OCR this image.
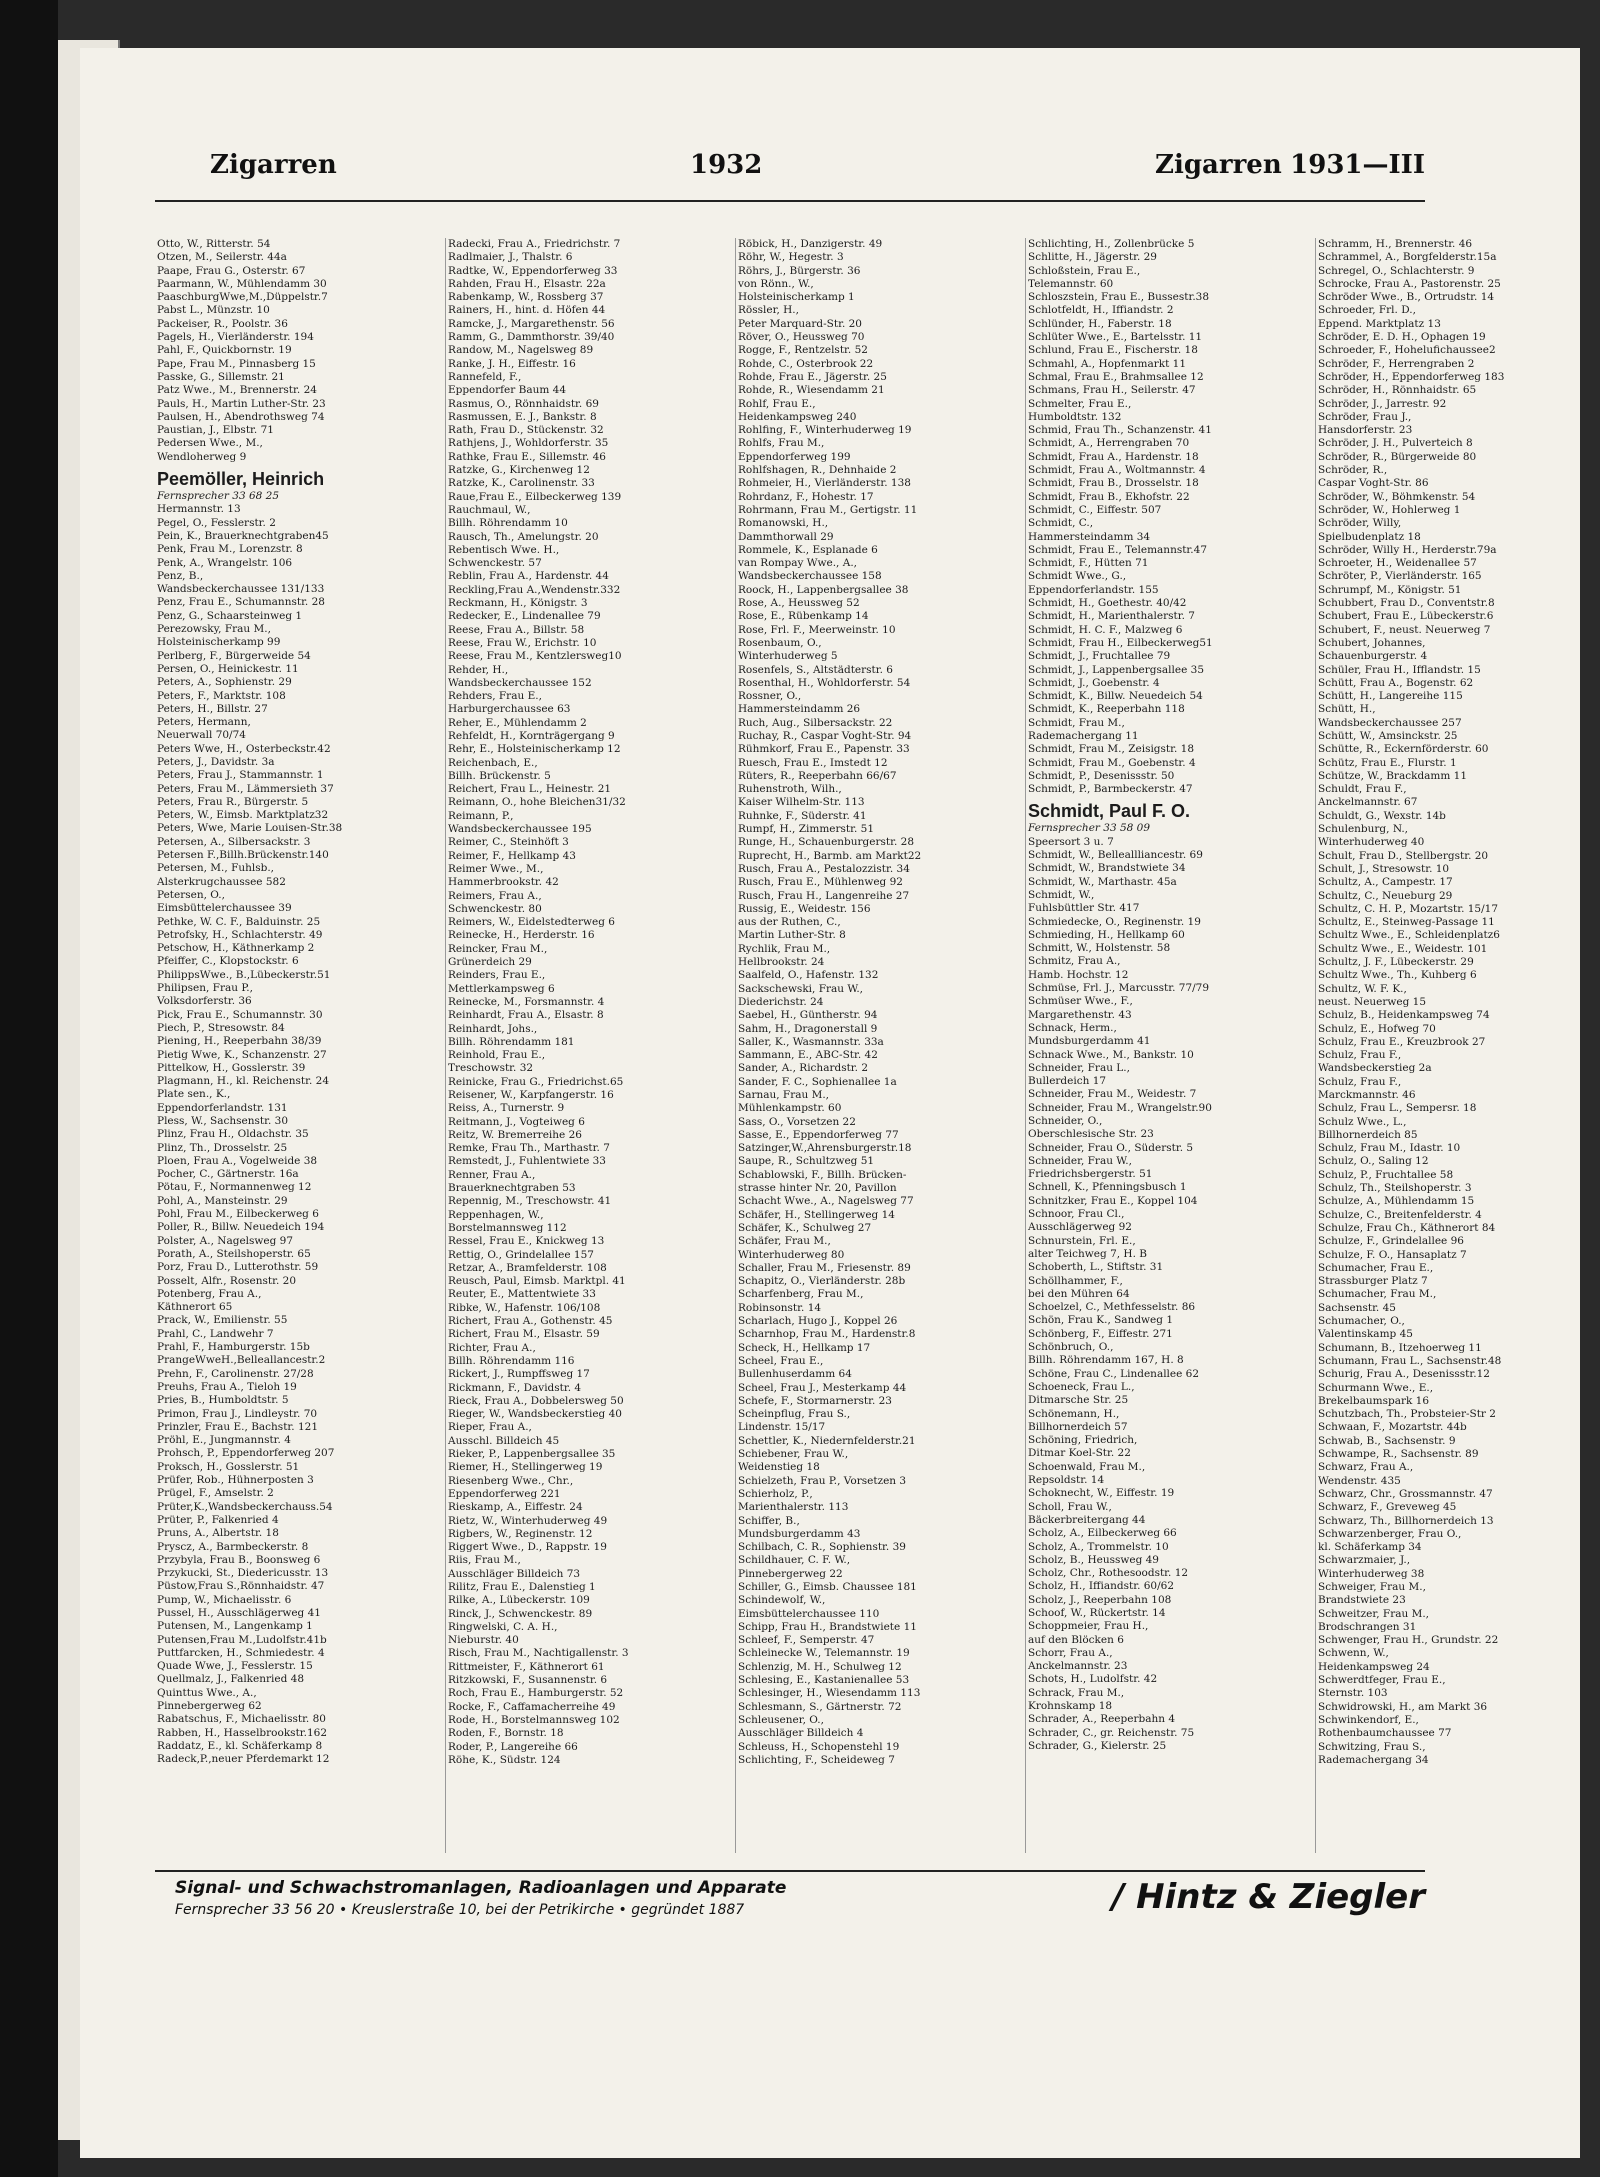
Zigarren	1932	Zigarren 1931—III
Otto, W., Ritterstr. 54
Otzen, M., Seilerstr. 44a
Paape, Frau G., Osterstr. 67
Paarmann, W., Mühlendamm 30
PaaschburgWwe,M.,Düppelstr.7
Pabst L., Münzstr. 10
Packeiser, R., Poolstr. 36
Pagels, H., Vierländerstr. 194
Pahl, F., Quickbornstr. 19
Pape, Frau M., Pinnasberg 15
Passke, G., Sillemstr. 21
Patz Wwe., M., Brennerstr. 24
Pauls, H., Martin Luther-Str. 23
Paulsen, H., Abendrothsweg 74
Paustian, J., Elbstr. 71
Pedersen Wwe., M.,
Wendloherweg 9
Peemöller, Heinrich
Fernsprecher 33 68 25
Hermannstr. 13
Pegel, O., Fesslerstr. 2
Pein, K., Brauerknechtgraben45
Penk, Frau M., Lorenzstr. 8
Penk, A., Wrangelstr. 106
Penz, B.,
Wandsbeckerchaussee 131/133
Penz, Frau E., Schumannstr. 28
Penz, G., Schaarsteinweg 1
Perezowsky, Frau M.,
Holsteinischerkamp 99
Perlberg, F., Bürgerweide 54
Persen, O., Heinickestr. 11
Peters, A., Sophienstr. 29
Peters, F., Marktstr. 108
Peters, H., Billstr. 27
Peters, Hermann,
Neuerwall 70/74
Peters Wwe, H., Osterbeckstr.42
Peters, J., Davidstr. 3a
Peters, Frau J., Stammannstr. 1
Peters, Frau M., Lämmersieth 37
Peters, Frau R., Bürgerstr. 5
Peters, W., Eimsb. Marktplatz32
Peters, Wwe, Marie Louisen-Str.38
Petersen, A., Silbersackstr. 3
Petersen F.,Billh.Brückenstr.140
Petersen, M., Fuhlsb.,
Alsterkrugchaussee 582
Petersen, O.,
Eimsbüttelerchaussee 39
Pethke, W. C. F., Balduinstr. 25
Petrofsky, H., Schlachterstr. 49
Petschow, H., Käthnerkamp 2
Pfeiffer, C., Klopstockstr. 6
PhilippsWwe., B.,Lübeckerstr.51
Philipsen, Frau P.,
Volksdorferstr. 36
Pick, Frau E., Schumannstr. 30
Piech, P., Stresowstr. 84
Piening, H., Reeperbahn 38/39
Pietig Wwe, K., Schanzenstr. 27
Pittelkow, H., Gosslerstr. 39
Plagmann, H., kl. Reichenstr. 24
Plate sen., K.,
Eppendorferlandstr. 131
Pless, W., Sachsenstr. 30
Plinz, Frau H., Oldachstr. 35
Plinz, Th., Drosselstr. 25
Ploen, Frau A., Vogelweide 38
Pocher, C., Gärtnerstr. 16a
Pötau, F., Normannenweg 12
Pohl, A., Mansteinstr. 29
Pohl, Frau M., Eilbeckerweg 6
Poller, R., Billw. Neuedeich 194
Polster, A., Nagelsweg 97
Porath, A., Steilshoperstr. 65
Porz, Frau D., Lutterothstr. 59
Posselt, Alfr., Rosenstr. 20
Potenberg, Frau A.,
Käthnerort 65
Prack, W., Emilienstr. 55
Prahl, C., Landwehr 7
Prahl, F., Hamburgerstr. 15b
PrangeWweH.,Belleallancestr.2
Prehn, F., Carolinenstr. 27/28
Preuhs, Frau A., Tieloh 19
Pries, B., Humboldtstr. 5
Primon, Frau J., Lindleystr. 70
Prinzler, Frau E., Bachstr. 121
Pröhl, E., Jungmannstr. 4
Prohsch, P., Eppendorferweg 207
Proksch, H., Gosslerstr. 51
Prüfer, Rob., Hühnerposten 3
Prügel, F., Amselstr. 2
Prüter,K.,Wandsbeckerchauss.54
Prüter, P., Falkenried 4
Pruns, A., Albertstr. 18
Pryscz, A., Barmbeckerstr. 8
Przybyla, Frau B., Boonsweg 6
Przykucki, St., Diedericusstr. 13
Püstow,Frau S.,Rönnhaidstr. 47
Pump, W., Michaelisstr. 6
Pussel, H., Ausschlägerweg 41
Putensen, M., Langenkamp 1
Putensen,Frau M.,Ludolfstr.41b
Puttfarcken, H., Schmiedestr. 4
Quade Wwe, J., Fesslerstr. 15
Quellmalz, J., Falkenried 48
Quinttus Wwe., A.,
Pinnebergerweg 62
Rabatschus, F., Michaelisstr. 80
Rabben, H., Hasselbrookstr.162
Raddatz, E., kl. Schäferkamp 8
Radeck,P.,neuer Pferdemarkt 12
Radecki, Frau A., Friedrichstr. 7
Radlmaier, J., Thalstr. 6
Radtke, W., Eppendorferweg 33
Rahden, Frau H., Elsastr. 22a
Rabenkamp, W., Rossberg 37
Rainers, H., hint. d. Höfen 44
Ramcke, J., Margarethenstr. 56
Ramm, G., Dammthorstr. 39/40
Randow, M., Nagelsweg 89
Ranke, J. H., Eiffestr. 16
Rannefeld, F.,
Eppendorfer Baum 44
Rasmus, O., Rönnhaidstr. 69
Rasmussen, E. J., Bankstr. 8
Rath, Frau D., Stückenstr. 32
Rathjens, J., Wohldorferstr. 35
Rathke, Frau E., Sillemstr. 46
Ratzke, G., Kirchenweg 12
Ratzke, K., Carolinenstr. 33
Raue,Frau E., Eilbeckerweg 139
Rauchmaul, W.,
Billh. Röhrendamm 10
Rausch, Th., Amelungstr. 20
Rebentisch Wwe. H.,
Schwenckestr. 57
Reblin, Frau A., Hardenstr. 44
Reckling,Frau A.,Wendenstr.332
Reckmann, H., Königstr. 3
Redecker, E., Lindenallee 79
Reese, Frau A., Billstr. 58
Reese, Frau W., Erichstr. 10
Reese, Frau M., Kentzlersweg10
Rehder, H.,
Wandsbeckerchaussee 152
Rehders, Frau E.,
Harburgerchaussee 63
Reher, E., Mühlendamm 2
Rehfeldt, H., Kornträgergang 9
Rehr, E., Holsteinischerkamp 12
Reichenbach, E.,
Billh. Brückenstr. 5
Reichert, Frau L., Heinestr. 21
Reimann, O., hohe Bleichen31/32
Reimann, P.,
Wandsbeckerchaussee 195
Reimer, C., Steinhöft 3
Reimer, F., Hellkamp 43
Reimer Wwe., M.,
Hammerbrookstr. 42
Reimers, Frau A.,
Schwenckestr. 80
Reimers, W., Eidelstedterweg 6
Reinecke, H., Herderstr. 16
Reincker, Frau M.,
Grünerdeich 29
Reinders, Frau E.,
Mettlerkampsweg 6
Reinecke, M., Forsmannstr. 4
Reinhardt, Frau A., Elsastr. 8
Reinhardt, Johs.,
Billh. Röhrendamm 181
Reinhold, Frau E.,
Treschowstr. 32
Reinicke, Frau G., Friedrichst.65
Reisener, W., Karpfangerstr. 16
Reiss, A., Turnerstr. 9
Reitmann, J., Vogteiweg 6
Reitz, W. Bremerreihe 26
Remke, Frau Th., Marthastr. 7
Remstedt, J., Fuhlentwiete 33
Renner, Frau A.,
Brauerknechtgraben 53
Repennig, M., Treschowstr. 41
Reppenhagen, W.,
Borstelmannsweg 112
Ressel, Frau E., Knickweg 13
Rettig, O., Grindelallee 157
Retzar, A., Bramfelderstr. 108
Reusch, Paul, Eimsb. Marktpl. 41
Reuter, E., Mattentwiete 33
Ribke, W., Hafenstr. 106/108
Richert, Frau A., Gothenstr. 45
Richert, Frau M., Elsastr. 59
Richter, Frau A.,
Billh. Röhrendamm 116
Rickert, J., Rumpffsweg 17
Rickmann, F., Davidstr. 4
Rieck, Frau A., Dobbelersweg 50
Rieger, W., Wandsbeckerstieg 40
Rieper, Frau A.,
Ausschl. Billdeich 45
Rieker, P., Lappenbergsallee 35
Riemer, H., Stellingerweg 19
Riesenberg Wwe., Chr.,
Eppendorferweg 221
Rieskamp, A., Eiffestr. 24
Rietz, W., Winterhuderweg 49
Rigbers, W., Reginenstr. 12
Riggert Wwe., D., Rappstr. 19
Riis, Frau M.,
Ausschläger Billdeich 73
Rilitz, Frau E., Dalenstieg 1
Rilke, A., Lübeckerstr. 109
Rinck, J., Schwenckestr. 89
Ringwelski, C. A. H.,
Nieburstr. 40
Risch, Frau M., Nachtigallenstr. 3
Rittmeister, F., Käthnerort 61
Ritzkowski, F., Susannenstr. 6
Roch, Frau E., Hamburgerstr. 52
Rocke, F., Caffamacherreihe 49
Rode, H., Borstelmannsweg 102
Roden, F., Bornstr. 18
Roder, P., Langereihe 66
Röhe, K., Südstr. 124
Röbick, H., Danzigerstr. 49
Röhr, W., Hegestr. 3
Röhrs, J., Bürgerstr. 36
von Rönn., W.,
Holsteinischerkamp 1
Rössler, H.,
Peter Marquard-Str. 20
Röver, O., Heussweg 70
Rogge, F., Rentzelstr. 52
Rohde, C., Osterbrook 22
Rohde, Frau E., Jägerstr. 25
Rohde, R., Wiesendamm 21
Rohlf, Frau E.,
Heidenkampsweg 240
Rohlfing, F., Winterhuderweg 19
Rohlfs, Frau M.,
Eppendorferweg 199
Rohlfshagen, R., Dehnhaide 2
Rohmeier, H., Vierländerstr. 138
Rohrdanz, F., Hohestr. 17
Rohrmann, Frau M., Gertigstr. 11
Romanowski, H.,
Dammthorwall 29
Rommele, K., Esplanade 6
van Rompay Wwe., A.,
Wandsbeckerchaussee 158
Roock, H., Lappenbergsallee 38
Rose, A., Heussweg 52
Rose, E., Rübenkamp 14
Rose, Frl. F., Meerweinstr. 10
Rosenbaum, O.,
Winterhuderweg 5
Rosenfels, S., Altstädterstr. 6
Rosenthal, H., Wohldorferstr. 54
Rossner, O.,
Hammersteindamm 26
Ruch, Aug., Silbersackstr. 22
Ruchay, R., Caspar Voght-Str. 94
Rühmkorf, Frau E., Papenstr. 33
Ruesch, Frau E., Imstedt 12
Rüters, R., Reeperbahn 66/67
Ruhenstroth, Wilh.,
Kaiser Wilhelm-Str. 113
Ruhnke, F., Süderstr. 41
Rumpf, H., Zimmerstr. 51
Runge, H., Schauenburgerstr. 28
Ruprecht, H., Barmb. am Markt22
Rusch, Frau A., Pestalozzistr. 34
Rusch, Frau E., Mühlenweg 92
Rusch, Frau H., Langenreihe 27
Russig, E., Weidestr. 156
aus der Ruthen, C.,
Martin Luther-Str. 8
Rychlik, Frau M.,
Hellbrookstr. 24
Saalfeld, O., Hafenstr. 132
Sackschewski, Frau W.,
Diederichstr. 24
Saebel, H., Güntherstr. 94
Sahm, H., Dragonerstall 9
Saller, K., Wasmannstr. 33a
Sammann, E., ABC-Str. 42
Sander, A., Richardstr. 2
Sander, F. C., Sophienallee 1a
Sarnau, Frau M.,
Mühlenkampstr. 60
Sass, O., Vorsetzen 22
Sasse, E., Eppendorferweg 77
Satzinger,W.,Ahrensburgerstr.18
Saupe, R., Schultzweg 51
Schablowski, F., Billh. Brücken-
strasse hinter Nr. 20, Pavillon
Schacht Wwe., A., Nagelsweg 77
Schäfer, H., Stellingerweg 14
Schäfer, K., Schulweg 27
Schäfer, Frau M.,
Winterhuderweg 80
Schaller, Frau M., Friesenstr. 89
Schapitz, O., Vierländerstr. 28b
Scharfenberg, Frau M.,
Robinsonstr. 14
Scharlach, Hugo J., Koppel 26
Scharnhop, Frau M., Hardenstr.8
Scheck, H., Hellkamp 17
Scheel, Frau E.,
Bullenhuserdamm 64
Scheel, Frau J., Mesterkamp 44
Schefe, F., Stormarnerstr. 23
Scheinpflug, Frau S.,
Lindenstr. 15/17
Schettler, K., Niedernfelderstr.21
Schiebener, Frau W.,
Weidenstieg 18
Schielzeth, Frau P., Vorsetzen 3
Schierholz, P.,
Marienthalerstr. 113
Schiffer, B.,
Mundsburgerdamm 43
Schilbach, C. R., Sophienstr. 39
Schildhauer, C. F. W.,
Pinnebergerweg 22
Schiller, G., Eimsb. Chaussee 181
Schindewolf, W.,
Eimsbüttelerchaussee 110
Schipp, Frau H., Brandstwiete 11
Schleef, F., Semperstr. 47
Schleinecke W., Telemannstr. 19
Schlenzig, M. H., Schulweg 12
Schlesing, E., Kastanienallee 53
Schlesinger, H., Wiesendamm 113
Schlesmann, S., Gärtnerstr. 72
Schleusener, O.,
Ausschläger Billdeich 4
Schleuss, H., Schopenstehl 19
Schlichting, F., Scheideweg 7
Schlichting, H., Zollenbrücke 5
Schlitte, H., Jägerstr. 29
Schloßstein, Frau E.,
Telemannstr. 60
Schloszstein, Frau E., Bussestr.38
Schlotfeldt, H., Iffiandstr. 2
Schlünder, H., Faberstr. 18
Schlüter Wwe., E., Bartelsstr. 11
Schlund, Frau E., Fischerstr. 18
Schmahl, A., Hopfenmarkt 11
Schmal, Frau E., Brahmsallee 12
Schmans, Frau H., Seilerstr. 47
Schmelter, Frau E.,
Humboldtstr. 132
Schmid, Frau Th., Schanzenstr. 41
Schmidt, A., Herrengraben 70
Schmidt, Frau A., Hardenstr. 18
Schmidt, Frau A., Woltmannstr. 4
Schmidt, Frau B., Drosselstr. 18
Schmidt, Frau B., Ekhofstr. 22
Schmidt, C., Eiffestr. 507
Schmidt, C.,
Hammersteindamm 34
Schmidt, Frau E., Telemannstr.47
Schmidt, F., Hütten 71
Schmidt Wwe., G.,
Eppendorferlandstr. 155
Schmidt, H., Goethestr. 40/42
Schmidt, H., Marienthalerstr. 7
Schmidt, H. C. F., Malzweg 6
Schmidt, Frau H., Eilbeckerweg51
Schmidt, J., Fruchtallee 79
Schmidt, J., Lappenbergsallee 35
Schmidt, J., Goebenstr. 4
Schmidt, K., Billw. Neuedeich 54
Schmidt, K., Reeperbahn 118
Schmidt, Frau M.,
Rademachergang 11
Schmidt, Frau M., Zeisigstr. 18
Schmidt, Frau M., Goebenstr. 4
Schmidt, P., Desenissstr. 50
Schmidt, P., Barmbeckerstr. 47
Schmidt, Paul F. O.
Fernsprecher 33 58 09
Speersort 3 u. 7
Schmidt, W., Belleallliancestr. 69
Schmidt, W., Brandstwiete 34
Schmidt, W., Marthastr. 45a
Schmidt, W.,
Fuhlsbüttler Str. 417
Schmiedecke, O., Reginenstr. 19
Schmieding, H., Hellkamp 60
Schmitt, W., Holstenstr. 58
Schmitz, Frau A.,
Hamb. Hochstr. 12
Schmüse, Frl. J., Marcusstr. 77/79
Schmüser Wwe., F.,
Margarethenstr. 43
Schnack, Herm.,
Mundsburgerdamm 41
Schnack Wwe., M., Bankstr. 10
Schneider, Frau L.,
Bullerdeich 17
Schneider, Frau M., Weidestr. 7
Schneider, Frau M., Wrangelstr.90
Schneider, O.,
Oberschlesische Str. 23
Schneider, Frau O., Süderstr. 5
Schneider, Frau W.,
Friedrichsbergerstr. 51
Schnell, K., Pfenningsbusch 1
Schnitzker, Frau E., Koppel 104
Schnoor, Frau Cl.,
Ausschlägerweg 92
Schnurstein, Frl. E.,
alter Teichweg 7, H. B
Schoberth, L., Stiftstr. 31
Schöllhammer, F.,
bei den Mühren 64
Schoelzel, C., Methfesselstr. 86
Schön, Frau K., Sandweg 1
Schönberg, F., Eiffestr. 271
Schönbruch, O.,
Billh. Röhrendamm 167, H. 8
Schöne, Frau C., Lindenallee 62
Schoeneck, Frau L.,
Ditmarsche Str. 25
Schönemann, H.,
Billhornerdeich 57
Schöning, Friedrich,
Ditmar Koel-Str. 22
Schoenwald, Frau M.,
Repsoldstr. 14
Schoknecht, W., Eiffestr. 19
Scholl, Frau W.,
Bäckerbreitergang 44
Scholz, A., Eilbeckerweg 66
Scholz, A., Trommelstr. 10
Scholz, B., Heussweg 49
Scholz, Chr., Rothesoodstr. 12
Scholz, H., Iffiandstr. 60/62
Scholz, J., Reeperbahn 108
Schoof, W., Rückertstr. 14
Schoppmeier, Frau H.,
auf den Blöcken 6
Schorr, Frau A.,
Anckelmannstr. 23
Schots, H., Ludolfstr. 42
Schrack, Frau M.,
Krohnskamp 18
Schrader, A., Reeperbahn 4
Schrader, C., gr. Reichenstr. 75
Schrader, G., Kielerstr. 25
Schramm, H., Brennerstr. 46
Schrammel, A., Borgfelderstr.15a
Schregel, O., Schlachterstr. 9
Schrocke, Frau A., Pastorenstr. 25
Schröder Wwe., B., Ortrudstr. 14
Schroeder, Frl. D.,
Eppend. Marktplatz 13
Schröder, E. D. H., Ophagen 19
Schroeder, F., Hohelufichaussee2
Schröder, F., Herrengraben 2
Schröder, H., Eppendorferweg 183
Schröder, H., Rönnhaidstr. 65
Schröder, J., Jarrestr. 92
Schröder, Frau J.,
Hansdorferstr. 23
Schröder, J. H., Pulverteich 8
Schröder, R., Bürgerweide 80
Schröder, R.,
Caspar Voght-Str. 86
Schröder, W., Böhmkenstr. 54
Schröder, W., Hohlerweg 1
Schröder, Willy,
Spielbudenplatz 18
Schröder, Willy H., Herderstr.79a
Schroeter, H., Weidenallee 57
Schröter, P., Vierländerstr. 165
Schrumpf, M., Königstr. 51
Schubbert, Frau D., Conventstr.8
Schubert, Frau E., Lübeckerstr.6
Schubert, F., neust. Neuerweg 7
Schubert, Johannes,
Schauenburgerstr. 4
Schüler, Frau H., Ifflandstr. 15
Schütt, Frau A., Bogenstr. 62
Schütt, H., Langereihe 115
Schütt, H.,
Wandsbeckerchaussee 257
Schütt, W., Amsinckstr. 25
Schütte, R., Eckernförderstr. 60
Schütz, Frau E., Flurstr. 1
Schütze, W., Brackdamm 11
Schuldt, Frau F.,
Anckelmannstr. 67
Schuldt, G., Wexstr. 14b
Schulenburg, N.,
Winterhuderweg 40
Schult, Frau D., Stellbergstr. 20
Schult, J., Stresowstr. 10
Schultz, A., Campestr. 17
Schultz, C., Neueburg 29
Schultz, C. H. P., Mozartstr. 15/17
Schultz, E., Steinweg-Passage 11
Schultz Wwe., E., Schleidenplatz6
Schultz Wwe., E., Weidestr. 101
Schultz, J. F., Lübeckerstr. 29
Schultz Wwe., Th., Kuhberg 6
Schultz, W. F. K.,
neust. Neuerweg 15
Schulz, B., Heidenkampsweg 74
Schulz, E., Hofweg 70
Schulz, Frau E., Kreuzbrook 27
Schulz, Frau F.,
Wandsbeckerstieg 2a
Schulz, Frau F.,
Marckmannstr. 46
Schulz, Frau L., Sempersr. 18
Schulz Wwe., L.,
Billhornerdeich 85
Schulz, Frau M., Idastr. 10
Schulz, O., Saling 12
Schulz, P., Fruchtallee 58
Schulz, Th., Steilshoperstr. 3
Schulze, A., Mühlendamm 15
Schulze, C., Breitenfelderstr. 4
Schulze, Frau Ch., Käthnerort 84
Schulze, F., Grindelallee 96
Schulze, F. O., Hansaplatz 7
Schumacher, Frau E.,
Strassburger Platz 7
Schumacher, Frau M.,
Sachsenstr. 45
Schumacher, O.,
Valentinskamp 45
Schumann, B., Itzehoerweg 11
Schumann, Frau L., Sachsenstr.48
Schurig, Frau A., Desenissstr.12
Schurmann Wwe., E.,
Brekelbaumspark 16
Schutzbach, Th., Probsteier-Str 2
Schwaan, F., Mozartstr. 44b
Schwab, B., Sachsenstr. 9
Schwampe, R., Sachsenstr. 89
Schwarz, Frau A.,
Wendenstr. 435
Schwarz, Chr., Grossmannstr. 47
Schwarz, F., Greveweg 45
Schwarz, Th., Billhornerdeich 13
Schwarzenberger, Frau O.,
kl. Schäferkamp 34
Schwarzmaier, J.,
Winterhuderweg 38
Schweiger, Frau M.,
Brandstwiete 23
Schweitzer, Frau M.,
Brodschrangen 31
Schwenger, Frau H., Grundstr. 22
Schwenn, W.,
Heidenkampsweg 24
Schwerdtfeger, Frau E.,
Sternstr. 103
Schwidrowski, H., am Markt 36
Schwinkendorf, E.,
Rothenbaumchaussee 77
Schwitzing, Frau S.,
Rademachergang 34
Signal- und Schwachstromanlagen, Radioanlagen und Apparate
Fernsprecher 33 56 20 • Kreuslerstraße 10, bei der Petrikirche • gegründet 1887	/ Hintz & Ziegler
